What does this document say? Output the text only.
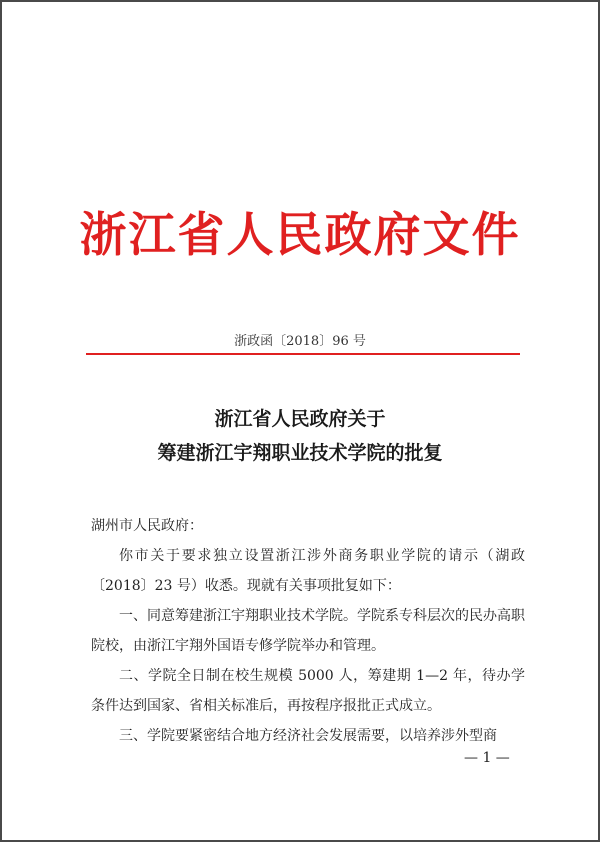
浙江省人民政府文件
浙政函〔2018〕96 号
浙江省人民政府关于
筹建浙江宇翔职业技术学院的批复

湖州市人民政府：

你市关于要求独立设置浙江涉外商务职业学院的请示（湖政〔2018〕23 号）收悉。现就有关事项批复如下：

一、同意筹建浙江宇翔职业技术学院。学院系专科层次的民办高职院校，由浙江宇翔外国语专修学院举办和管理。

二、学院全日制在校生规模 5000 人，筹建期 1—2 年，待办学条件达到国家、省相关标准后，再按程序报批正式成立。

三、学院要紧密结合地方经济社会发展需要，以培养涉外型商

— 1 —
